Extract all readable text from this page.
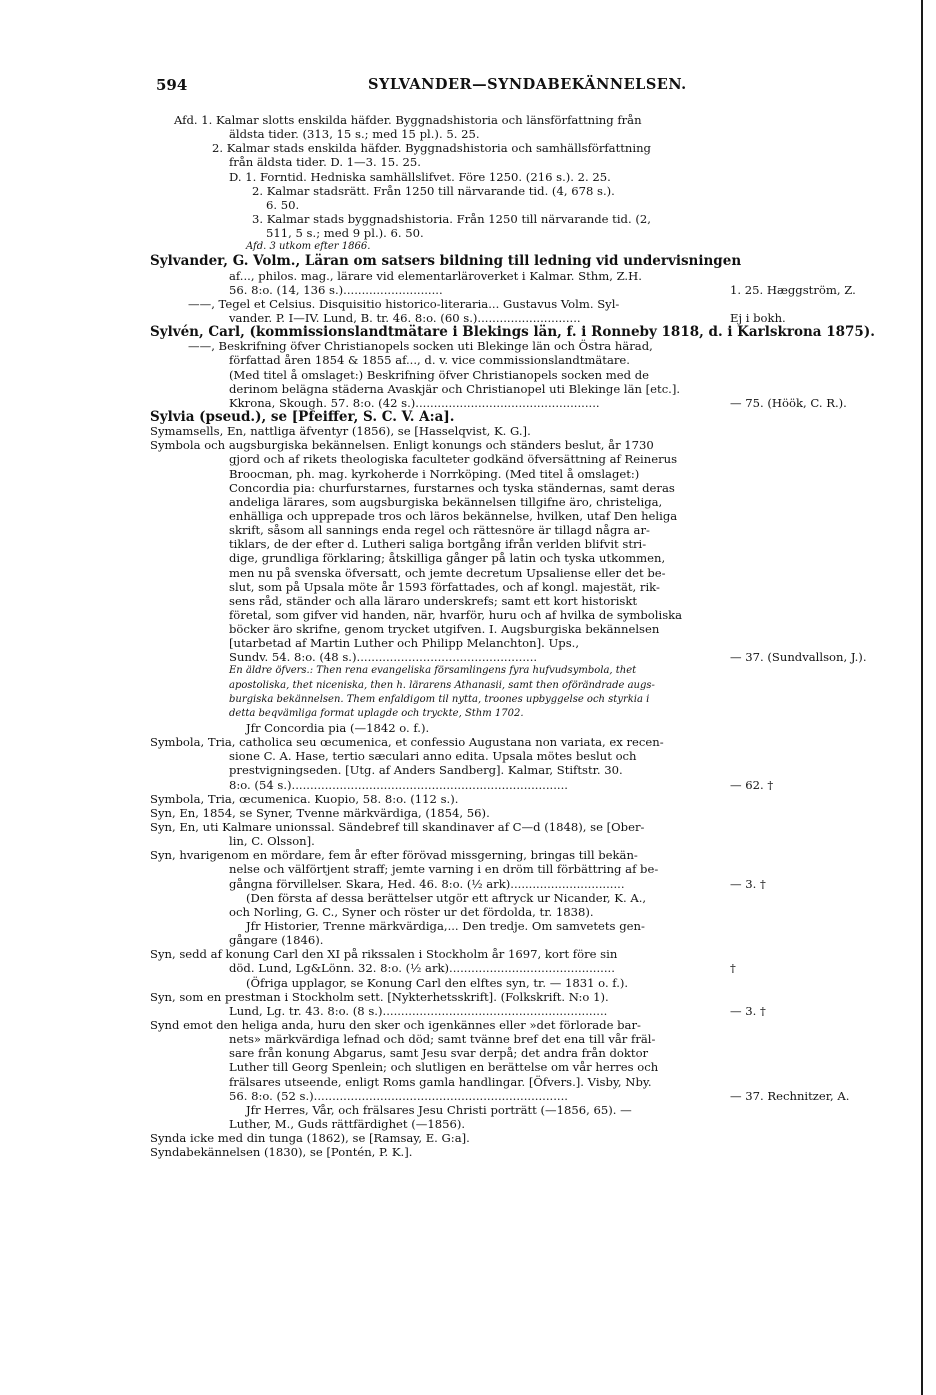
594	SYLVANDER—SYNDABEKÄNNELSEN.
Afd. 1. Kalmar slotts enskilda häfder. Byggnadshistoria och länsförfattning från
äldsta tider. (313, 15 s.; med 15 pl.). 5. 25.
2. Kalmar stads enskilda häfder. Byggnadshistoria och samhällsförfattning
från äldsta tider. D. 1—3. 15. 25.
D. 1. Forntid. Hedniska samhällslifvet. Före 1250. (216 s.). 2. 25.
2. Kalmar stadsrätt. Från 1250 till närvarande tid. (4, 678 s.).
6. 50.
3. Kalmar stads byggnadshistoria. Från 1250 till närvarande tid. (2,
511, 5 s.; med 9 pl.). 6. 50.
Afd. 3 utkom efter 1866.
Sylvander, G. Volm., Läran om satsers bildning till ledning vid undervisningen
af..., philos. mag., lärare vid elementarläroverket i Kalmar. Sthm, Z.H.
56. 8:o. (14, 136 s.)...........................	1. 25. Hæggström, Z.
——, Tegel et Celsius. Disquisitio historico-literaria... Gustavus Volm. Syl-
vander. P. I—IV. Lund, B. tr. 46. 8:o. (60 s.)............................	Ej i bokh.
Sylvén, Carl, (kommissionslandtmätare i Blekings län, f. i Ronneby 1818, d. i Karlskrona 1875).
——, Beskrifning öfver Christianopels socken uti Blekinge län och Östra härad,
författad åren 1854 & 1855 af..., d. v. vice commissionslandtmätare.
(Med titel å omslaget:) Beskrifning öfver Christianopels socken med de
derinom belägna städerna Avaskjär och Christianopel uti Blekinge län [etc.].
Kkrona, Skough. 57. 8:o. (42 s.)..................................................	— 75. (Höök, C. R.).
Sylvia (pseud.), se [Pfeiffer, S. C. V. A:a].
Symamsells, En, nattliga äfventyr (1856), se [Hasselqvist, K. G.].
Symbola och augsburgiska bekännelsen. Enligt konungs och ständers beslut, år 1730
gjord och af rikets theologiska faculteter godkänd öfversättning af Reinerus
Broocman, ph. mag. kyrkoherde i Norrköping. (Med titel å omslaget:)
Concordia pia: churfurstarnes, furstarnes och tyska ständernas, samt deras
andeliga lärares, som augsburgiska bekännelsen tillgifne äro, christeliga,
enhälliga och upprepade tros och läros bekännelse, hvilken, utaf Den heliga
skrift, såsom all sannings enda regel och rättesnöre är tillagd några ar-
tiklars, de der efter d. Lutheri saliga bortgång ifrån verlden blifvit stri-
dige, grundliga förklaring; åtskilliga gånger på latin och tyska utkommen,
men nu på svenska öfversatt, och jemte decretum Upsaliense eller det be-
slut, som på Upsala möte år 1593 författades, och af kongl. majestät, rik-
sens råd, ständer och alla läraro underskrefs; samt ett kort historiskt
företal, som gifver vid handen, när, hvarför, huru och af hvilka de symboliska
böcker äro skrifne, genom trycket utgifven. I. Augsburgiska bekännelsen
[utarbetad af Martin Luther och Philipp Melanchton]. Ups.,
Sundv. 54. 8:o. (48 s.).................................................	— 37. (Sundvallson, J.).
En äldre öfvers.: Then rena evangeliska församlingens fyra hufvudsymbola, thet
apostoliska, thet niceniska, then h. lärarens Athanasii, samt then oförändrade augs-
burgiska bekännelsen. Them enfaldigom til nytta, troones upbyggelse och styrkia i
detta beqvämliga format uplagde och tryckte, Sthm 1702.
Jfr Concordia pia (—1842 o. f.).
Symbola, Tria, catholica seu œcumenica, et confessio Augustana non variata, ex recen-
sione C. A. Hase, tertio sæculari anno edita. Upsala mötes beslut och
prestvigningseden. [Utg. af Anders Sandberg]. Kalmar, Stiftstr. 30.
8:o. (54 s.)...........................................................................	— 62. †
Symbola, Tria, œcumenica. Kuopio, 58. 8:o. (112 s.).
Syn, En, 1854, se Syner, Tvenne märkvärdiga, (1854, 56).
Syn, En, uti Kalmare unionssal. Sändebref till skandinaver af C—d (1848), se [Ober-
lin, C. Olsson].
Syn, hvarigenom en mördare, fem år efter förövad missgerning, bringas till bekän-
nelse och välförtjent straff; jemte varning i en dröm till förbättring af be-
gångna förvillelser. Skara, Hed. 46. 8:o. (½ ark)...............................	— 3. †
(Den första af dessa berättelser utgör ett aftryck ur Nicander, K. A.,
och Norling, G. C., Syner och röster ur det fördolda, tr. 1838).
Jfr Historier, Trenne märkvärdiga,... Den tredje. Om samvetets gen-
gångare (1846).
Syn, sedd af konung Carl den XI på rikssalen i Stockholm år 1697, kort före sin
död. Lund, Lg&Lönn. 32. 8:o. (½ ark).............................................	†
(Öfriga upplagor, se Konung Carl den elftes syn, tr. — 1831 o. f.).
Syn, som en prestman i Stockholm sett. [Nykterhetsskrift]. (Folkskrift. N:o 1).
Lund, Lg. tr. 43. 8:o. (8 s.).............................................................	— 3. †
Synd emot den heliga anda, huru den sker och igenkännes eller »det förlorade bar-
nets» märkvärdiga lefnad och död; samt tvänne bref det ena till vår fräl-
sare från konung Abgarus, samt Jesu svar derpå; det andra från doktor
Luther till Georg Spenlein; och slutligen en berättelse om vår herres och
frälsares utseende, enligt Roms gamla handlingar. [Öfvers.]. Visby, Nby.
56. 8:o. (52 s.).....................................................................	— 37. Rechnitzer, A.
Jfr Herres, Vår, och frälsares Jesu Christi porträtt (—1856, 65). —
Luther, M., Guds rättfärdighet (—1856).
Synda icke med din tunga (1862), se [Ramsay, E. G:a].
Syndabekännelsen (1830), se [Pontén, P. K.].
